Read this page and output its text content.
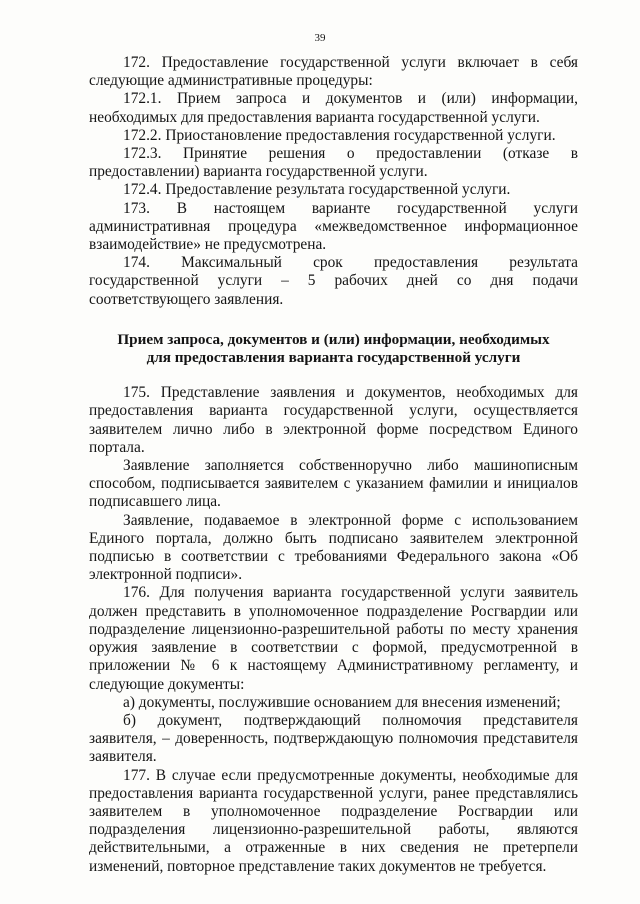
39

172. Предоставление государственной услуги включает в себя следующие административные процедуры:

172.1. Прием запроса и документов и (или) информации, необходимых для предоставления варианта государственной услуги.

172.2. Приостановление предоставления государственной услуги.

172.3. Принятие решения о предоставлении (отказе в предоставлении) варианта государственной услуги.

172.4. Предоставление результата государственной услуги.

173. В настоящем варианте государственной услуги административная процедура «межведомственное информационное взаимодействие» не предусмотрена.

174. Максимальный срок предоставления результата государственной услуги – 5 рабочих дней со дня подачи соответствующего заявления.

Прием запроса, документов и (или) информации, необходимых
для предоставления варианта государственной услуги

175. Представление заявления и документов, необходимых для предоставления варианта государственной услуги, осуществляется заявителем лично либо в электронной форме посредством Единого портала.

Заявление заполняется собственноручно либо машинописным способом, подписывается заявителем с указанием фамилии и инициалов подписавшего лица.

Заявление, подаваемое в электронной форме с использованием Единого портала, должно быть подписано заявителем электронной подписью в соответствии с требованиями Федерального закона «Об электронной подписи».

176. Для получения варианта государственной услуги заявитель должен представить в уполномоченное подразделение Росгвардии или подразделение лицензионно-разрешительной работы по месту хранения оружия заявление в соответствии с формой, предусмотренной в приложении № 6 к настоящему Административному регламенту, и следующие документы:

а) документы, послужившие основанием для внесения изменений;

б) документ, подтверждающий полномочия представителя заявителя, – доверенность, подтверждающую полномочия представителя заявителя.

177. В случае если предусмотренные документы, необходимые для предоставления варианта государственной услуги, ранее представлялись заявителем в уполномоченное подразделение Росгвардии или подразделения лицензионно-разрешительной работы, являются действительными, а отраженные в них сведения не претерпели изменений, повторное представление таких документов не требуется.
